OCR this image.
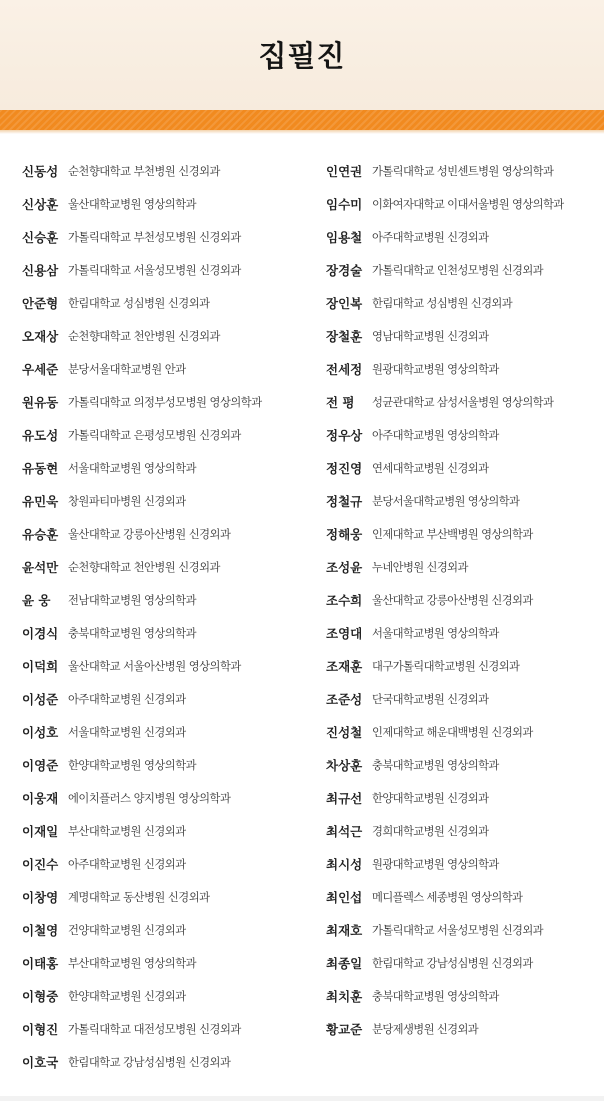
집필진
신동성 순천향대학교 부천병원 신경외과
신상훈 울산대학교병원 영상의학과
신승훈 가톨릭대학교 부천성모병원 신경외과
신용삼 가톨릭대학교 서울성모병원 신경외과
안준형 한림대학교 성심병원 신경외과
오재상 순천향대학교 천안병원 신경외과
우세준 분당서울대학교병원 안과
원유동 가톨릭대학교 의정부성모병원 영상의학과
유도성 가톨릭대학교 은평성모병원 신경외과
유동현 서울대학교병원 영상의학과
유민욱 창원파티마병원 신경외과
유승훈 울산대학교 강릉아산병원 신경외과
윤석만 순천향대학교 천안병원 신경외과
윤 웅	전남대학교병원 영상의학과
이경식 충북대학교병원 영상의학과
이덕희 울산대학교 서울아산병원 영상의학과
이성준 아주대학교병원 신경외과
이성호 서울대학교병원 신경외과
이영준 한양대학교병원 영상의학과
이웅재 에이치플러스 양지병원 영상의학과
이재일 부산대학교병원 신경외과
이진수 아주대학교병원 신경외과
이창영 계명대학교 동산병원 신경외과
이철영 건양대학교병원 신경외과
이태홍 부산대학교병원 영상의학과
이형중 한양대학교병원 신경외과
이형진 가톨릭대학교 대전성모병원 신경외과
이호국 한림대학교 강남성심병원 신경외과
인연권 가톨릭대학교 성빈센트병원 영상의학과
임수미 이화여자대학교 이대서울병원 영상의학과
임용철 아주대학교병원 신경외과
장경술 가톨릭대학교 인천성모병원 신경외과
장인복 한림대학교 성심병원 신경외과
장철훈 영남대학교병원 신경외과
전세정 원광대학교병원 영상의학과
전 평	성균관대학교 삼성서울병원 영상의학과
정우상 아주대학교병원 영상의학과
정진영 연세대학교병원 신경외과
정철규 분당서울대학교병원 영상의학과
정해웅 인제대학교 부산백병원 영상의학과
조성윤 누네안병원 신경외과
조수희 울산대학교 강릉아산병원 신경외과
조영대 서울대학교병원 영상의학과
조재훈 대구가톨릭대학교병원 신경외과
조준성 단국대학교병원 신경외과
진성철 인제대학교 해운대백병원 신경외과
차상훈 충북대학교병원 영상의학과
최규선 한양대학교병원 신경외과
최석근 경희대학교병원 신경외과
최시성 원광대학교병원 영상의학과
최인섭 메디플렉스 세종병원 영상의학과
최재호 가톨릭대학교 서울성모병원 신경외과
최종일 한림대학교 강남성심병원 신경외과
최치훈 충북대학교병원 영상의학과
황교준 분당제생병원 신경외과
